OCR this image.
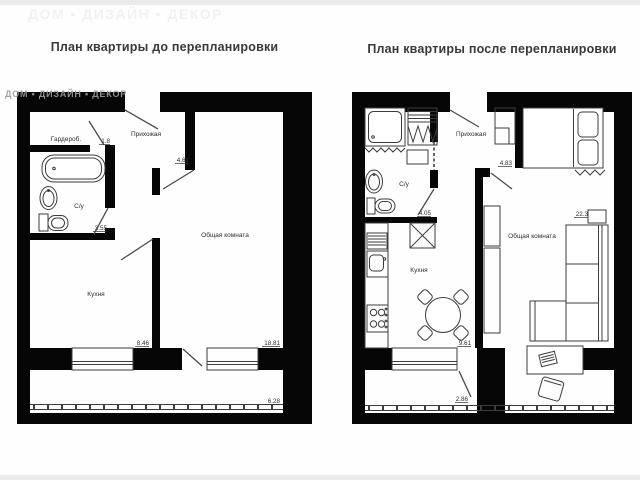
ДОМ • ДИЗАЙН • ДЕКОР
План квартиры до перепланировки	План квартиры после перепланировки
ДОМ • ДИЗАЙН • ДЕКОР
Гардероб.	1.8
Прихожая
4.61
С/у
3.55
Кухня
8.46
Общая комната
18.81
6.28
Прихожая
4.83
С/у
4.05
Кухня
9.61
Общая комната
22.3
2.86
